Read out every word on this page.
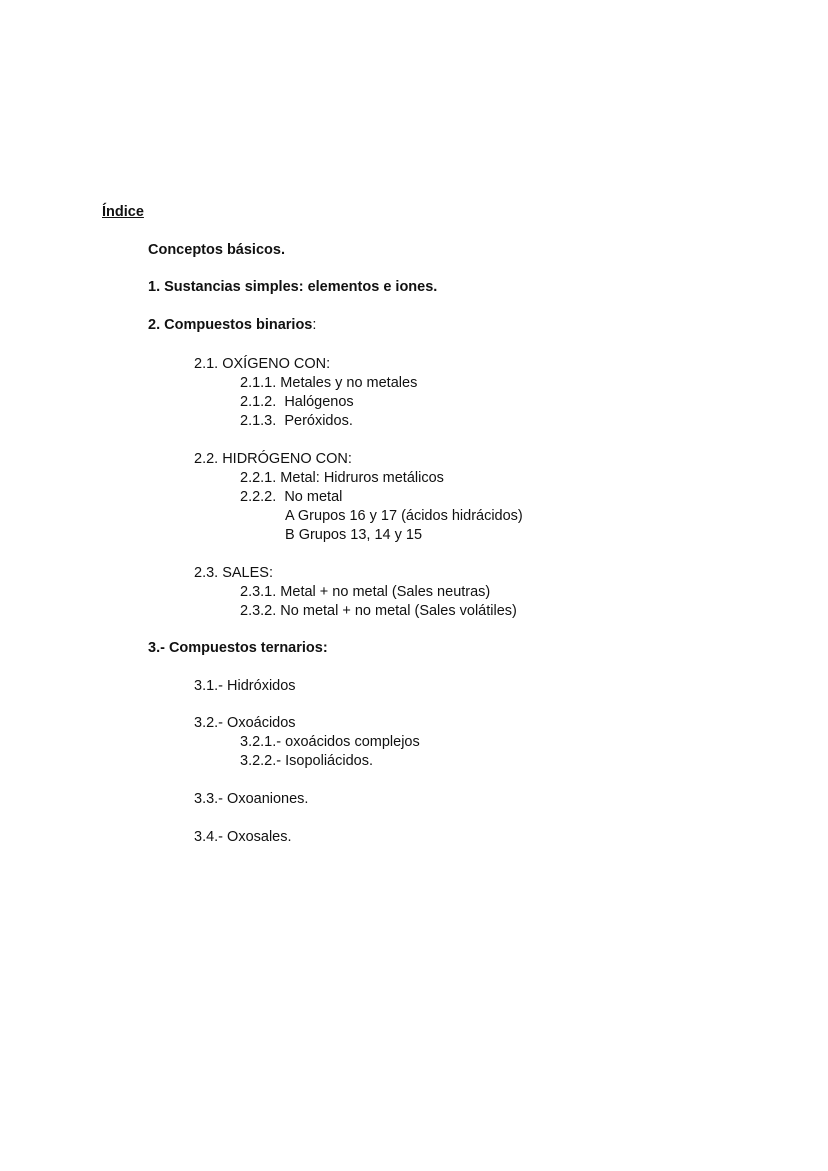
Índice
Conceptos básicos.
1. Sustancias simples: elementos e iones.
2. Compuestos binarios:
2.1. OXÍGENO CON:
2.1.1. Metales y no metales
2.1.2.  Halógenos
2.1.3.  Peróxidos.
2.2. HIDRÓGENO CON:
2.2.1. Metal: Hidruros metálicos
2.2.2.  No metal
A Grupos 16 y 17 (ácidos hidrácidos)
B Grupos 13, 14 y 15
2.3. SALES:
2.3.1. Metal + no metal (Sales neutras)
2.3.2. No metal + no metal (Sales volátiles)
3.- Compuestos ternarios:
3.1.- Hidróxidos
3.2.- Oxoácidos
3.2.1.- oxoácidos complejos
3.2.2.- Isopoliácidos.
3.3.- Oxoaniones.
3.4.- Oxosales.
